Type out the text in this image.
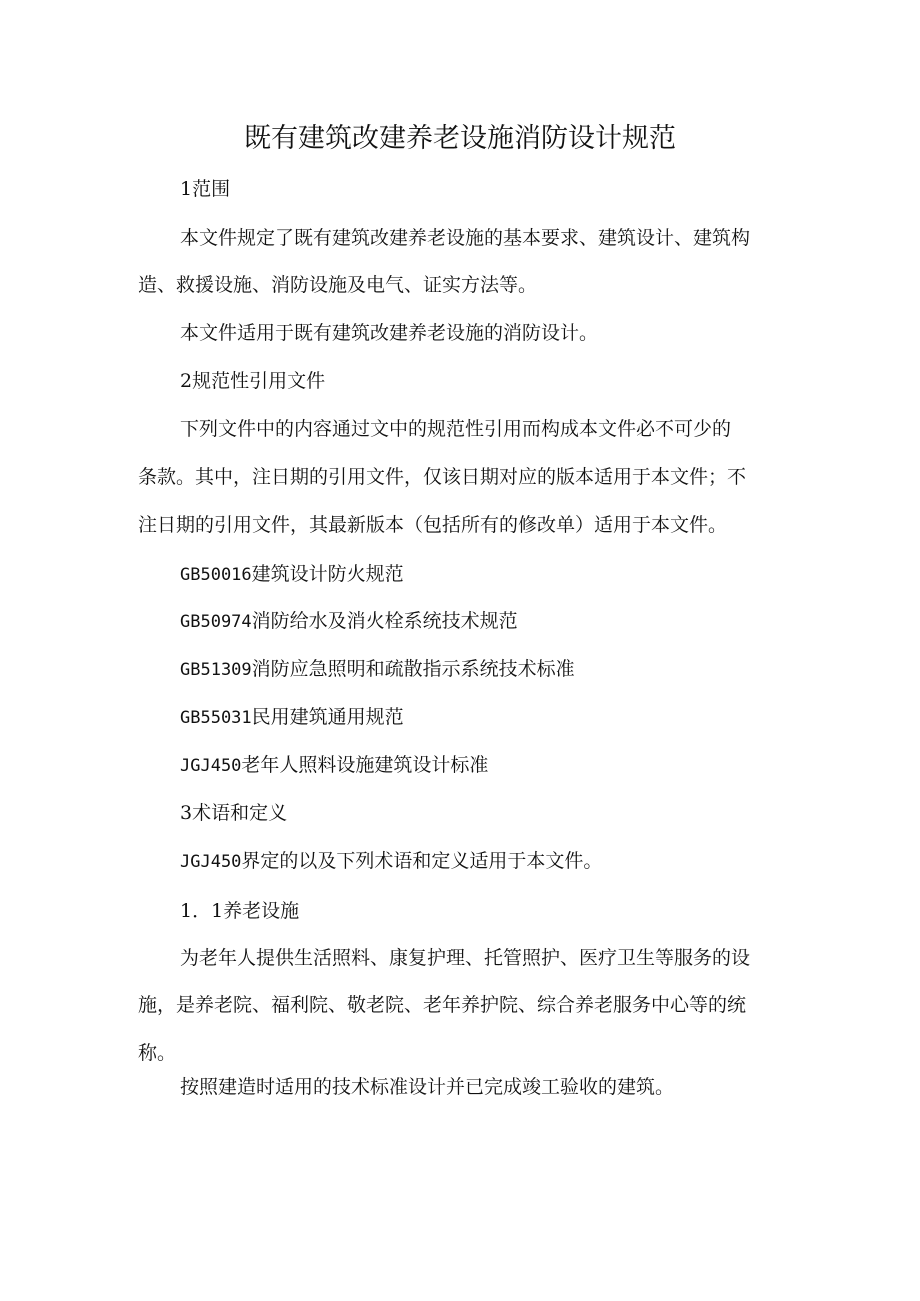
既有建筑改建养老设施消防设计规范
1范围
本文件规定了既有建筑改建养老设施的基本要求、建筑设计、建筑构
造、救援设施、消防设施及电气、证实方法等。
本文件适用于既有建筑改建养老设施的消防设计。
2规范性引用文件
下列文件中的内容通过文中的规范性引用而构成本文件必不可少的
条款。其中，注日期的引用文件，仅该日期对应的版本适用于本文件；不
注日期的引用文件，其最新版本（包括所有的修改单）适用于本文件。
GB50016建筑设计防火规范
GB50974消防给水及消火栓系统技术规范
GB51309消防应急照明和疏散指示系统技术标准
GB55031民用建筑通用规范
JGJ450老年人照料设施建筑设计标准
3术语和定义
JGJ450界定的以及下列术语和定义适用于本文件。
1．1养老设施
为老年人提供生活照料、康复护理、托管照护、医疗卫生等服务的设
施，是养老院、福利院、敬老院、老年养护院、综合养老服务中心等的统
称。
按照建造时适用的技术标准设计并已完成竣工验收的建筑。
